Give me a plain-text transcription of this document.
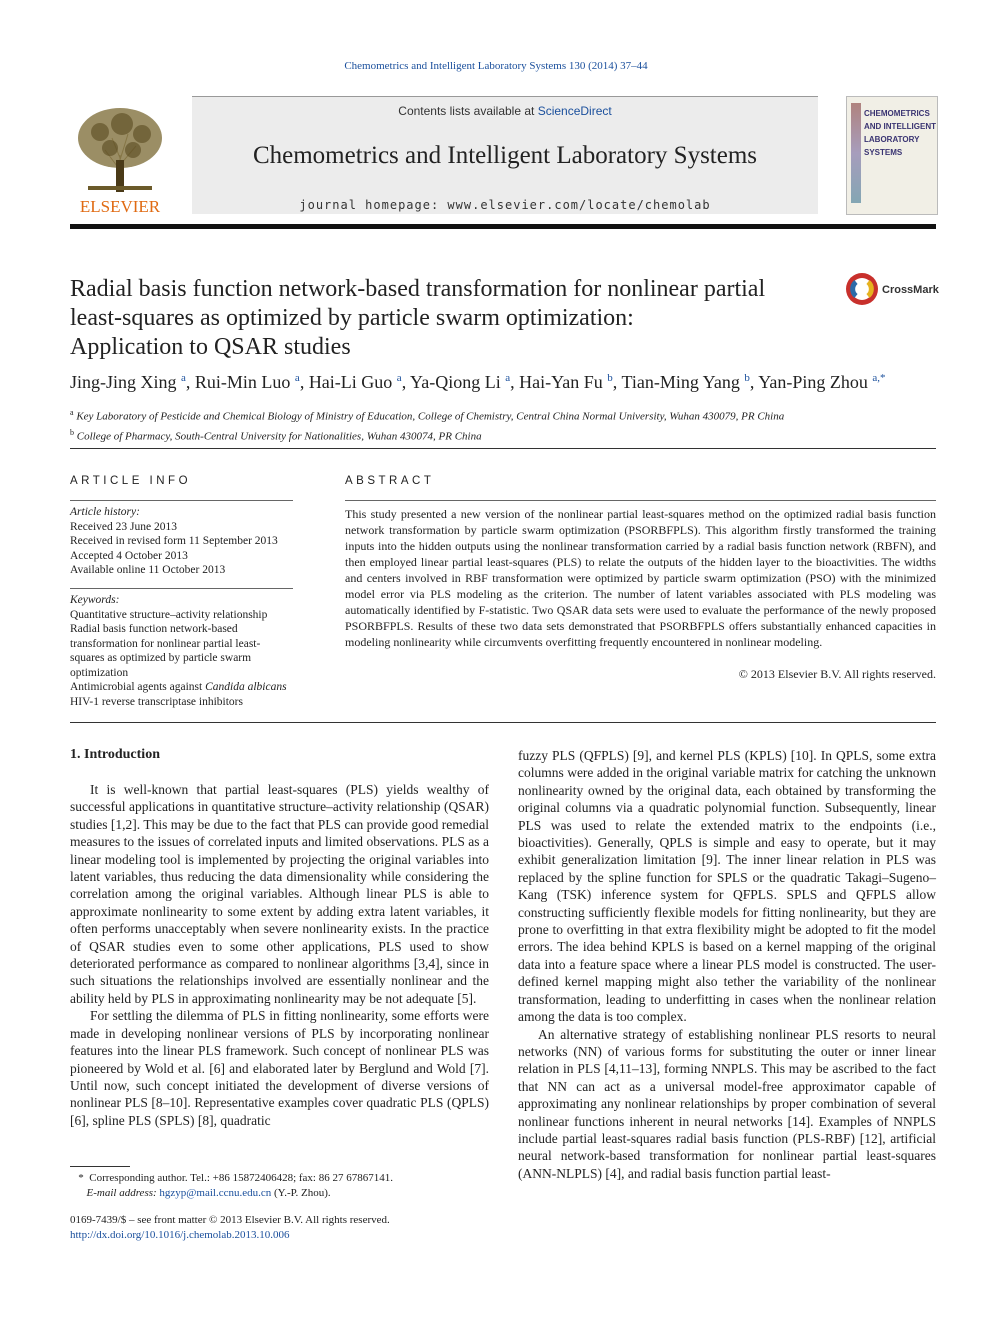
Chemometrics and Intelligent Laboratory Systems 130 (2014) 37–44
ELSEVIER
Contents lists available at ScienceDirect
Chemometrics and Intelligent Laboratory Systems
journal homepage: www.elsevier.com/locate/chemolab
CHEMOMETRICS
AND INTELLIGENT
LABORATORY
SYSTEMS
Radial basis function network-based transformation for nonlinear partial
least-squares as optimized by particle swarm optimization:
Application to QSAR studies
CrossMark
Jing-Jing Xing $^a$, Rui-Min Luo $^a$, Hai-Li Guo $^a$, Ya-Qiong Li $^a$, Hai-Yan Fu $^b$, Tian-Ming Yang $^b$, Yan-Ping Zhou $^{a,*}$
$^a$ Key Laboratory of Pesticide and Chemical Biology of Ministry of Education, College of Chemistry, Central China Normal University, Wuhan 430079, PR China
$^b$ College of Pharmacy, South-Central University for Nationalities, Wuhan 430074, PR China
ARTICLE INFO
Article history:
Received 23 June 2013
Received in revised form 11 September 2013
Accepted 4 October 2013
Available online 11 October 2013
Keywords:
Quantitative structure–activity relationship
Radial basis function network-based
transformation for nonlinear partial least-
squares as optimized by particle swarm
optimization
Antimicrobial agents against Candida albicans
HIV-1 reverse transcriptase inhibitors
ABSTRACT
This study presented a new version of the nonlinear partial least-squares method on the optimized radial basis function network transformation by particle swarm optimization (PSORBFPLS). This algorithm firstly transformed the training inputs into the hidden outputs using the nonlinear transformation carried by a radial basis function network (RBFN), and then employed linear partial least-squares (PLS) to relate the outputs of the hidden layer to the bioactivities. The widths and centers involved in RBF transformation were optimized by particle swarm optimization (PSO) with the minimized model error via PLS modeling as the criterion. The number of latent variables associated with PLS modeling was automatically identified by F-statistic. Two QSAR data sets were used to evaluate the performance of the newly proposed PSORBFPLS. Results of these two data sets demonstrated that PSORBFPLS offers substantially enhanced capacities in modeling nonlinearity while circumvents overfitting frequently encountered in nonlinear modeling.
© 2013 Elsevier B.V. All rights reserved.
1. Introduction

It is well-known that partial least-squares (PLS) yields wealthy of successful applications in quantitative structure–activity relationship (QSAR) studies [1,2]. This may be due to the fact that PLS can provide good remedial measures to the issues of correlated inputs and limited observations. PLS as a linear modeling tool is implemented by projecting the original variables into latent variables, thus reducing the data dimensionality while considering the correlation among the original variables. Although linear PLS is able to approximate nonlinearity to some extent by adding extra latent variables, it often performs unacceptably when severe nonlinearity exists. In the practice of QSAR studies even to some other applications, PLS used to show deteriorated performance as compared to nonlinear algorithms [3,4], since in such situations the relationships involved are essentially nonlinear and the ability held by PLS in approximating nonlinearity may be not adequate [5].

For settling the dilemma of PLS in fitting nonlinearity, some efforts were made in developing nonlinear versions of PLS by incorporating nonlinear features into the linear PLS framework. Such concept of nonlinear PLS was pioneered by Wold et al. [6] and elaborated later by Berglund and Wold [7]. Until now, such concept initiated the development of diverse versions of nonlinear PLS [8–10]. Representative examples cover quadratic PLS (QPLS) [6], spline PLS (SPLS) [8], quadratic

fuzzy PLS (QFPLS) [9], and kernel PLS (KPLS) [10]. In QPLS, some extra columns were added in the original variable matrix for catching the unknown nonlinearity owned by the original data, each obtained by transforming the original columns via a quadratic polynomial function. Subsequently, linear PLS was used to relate the extended matrix to the endpoints (i.e., bioactivities). Generally, QPLS is simple and easy to operate, but it may exhibit generalization limitation [9]. The inner linear relation in PLS was replaced by the spline function for SPLS or the quadratic Takagi–Sugeno–Kang (TSK) inference system for QFPLS. SPLS and QFPLS allow constructing sufficiently flexible models for fitting nonlinearity, but they are prone to overfitting in that extra flexibility might be adopted to fit the model errors. The idea behind KPLS is based on a kernel mapping of the original data into a feature space where a linear PLS model is constructed. The user-defined kernel mapping might also tether the variability of the nonlinear transformation, leading to underfitting in cases when the nonlinear relation among the data is too complex.

An alternative strategy of establishing nonlinear PLS resorts to neural networks (NN) of various forms for substituting the outer or inner linear relation in PLS [4,11–13], forming NNPLS. This may be ascribed to the fact that NN can act as a universal model-free approximator capable of approximating any nonlinear relationships by proper combination of several nonlinear functions inherent in neural networks [14]. Examples of NNPLS include partial least-squares radial basis function (PLS-RBF) [12], artificial neural network-based transformation for nonlinear partial least-squares (ANN-NLPLS) [4], and radial basis function partial least-

*  Corresponding author. Tel.: +86 15872406428; fax: 86 27 67867141.
E-mail address: hgzyp@mail.ccnu.edu.cn (Y.-P. Zhou).
0169-7439/$ – see front matter © 2013 Elsevier B.V. All rights reserved.
http://dx.doi.org/10.1016/j.chemolab.2013.10.006
